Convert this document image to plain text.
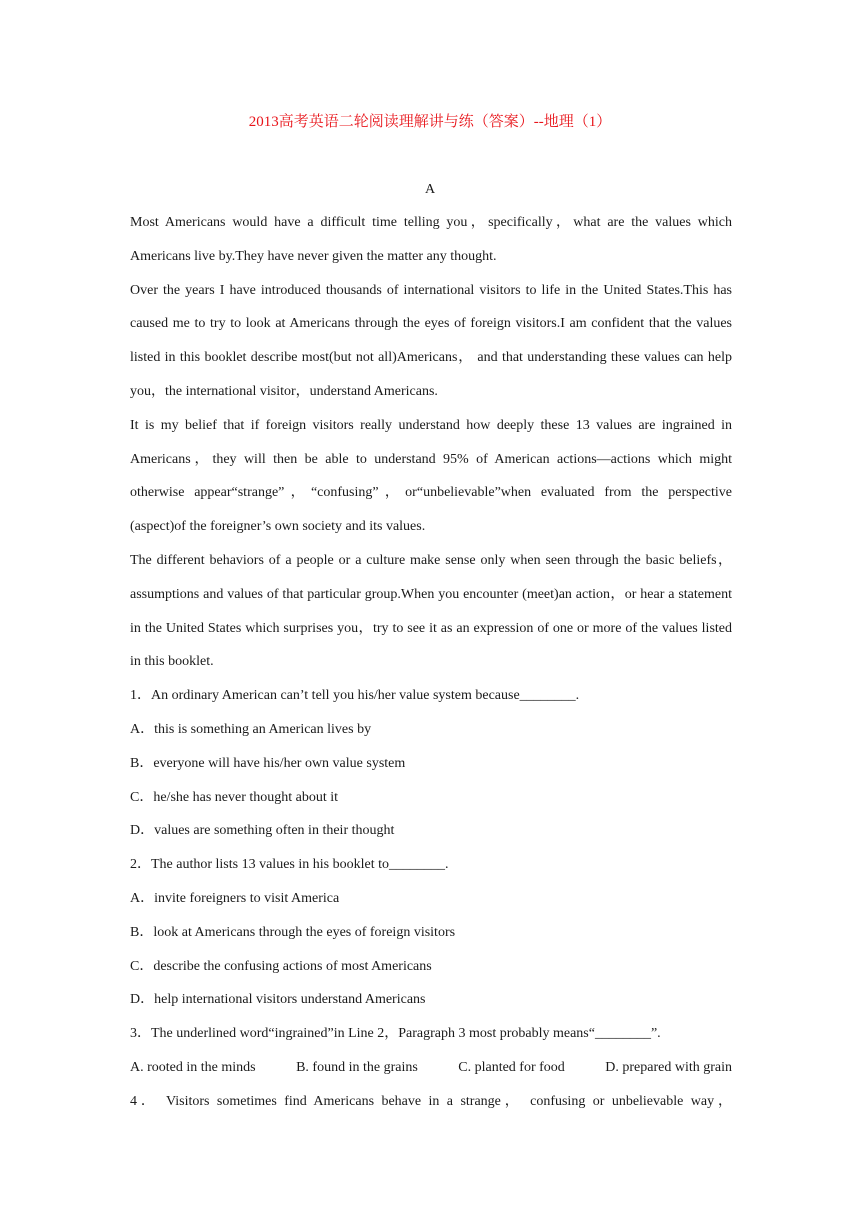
2013高考英语二轮阅读理解讲与练（答案）--地理（1）
A

Most Americans would have a difficult time telling you，specifically，what are the values which Americans live by.They have never given the matter any thought.

Over the years I have introduced thousands of international visitors to life in the United States.This has caused me to try to look at Americans through the eyes of foreign visitors.I am confident that the values listed in this booklet describe most(but not all)Americans， and that understanding these values can help you，the international visitor，understand Americans.

It is my belief that if foreign visitors really understand how deeply these 13 values are ingrained in Americans，they will then be able to understand 95% of American actions—actions which might otherwise appear“strange”，“confusing”，or“unbelievable”when evaluated from the perspective (aspect)of the foreigner’s own society and its values.

The different behaviors of a people or a culture make sense only when seen through the basic beliefs，assumptions and values of that particular group.When you encounter (meet)an action，or hear a statement in the United States which surprises you，try to see it as an expression of one or more of the values listed in this booklet.

1．An ordinary American can’t tell you his/her value system because________.

A．this is something an American lives by

B．everyone will have his/her own value system

C．he/she has never thought about it

D．values are something often in their thought

2．The author lists 13 values in his booklet to________.

A．invite foreigners to visit America

B．look at Americans through the eyes of foreign visitors

C．describe the confusing actions of most Americans

D．help international visitors understand Americans

3．The underlined word“ingrained”in Line 2，Paragraph 3 most probably means“________”.

A. rooted in the minds	B. found in the grains	C. planted for food	D. prepared with grain

4． Visitors sometimes find Americans behave in a strange， confusing or unbelievable way，
